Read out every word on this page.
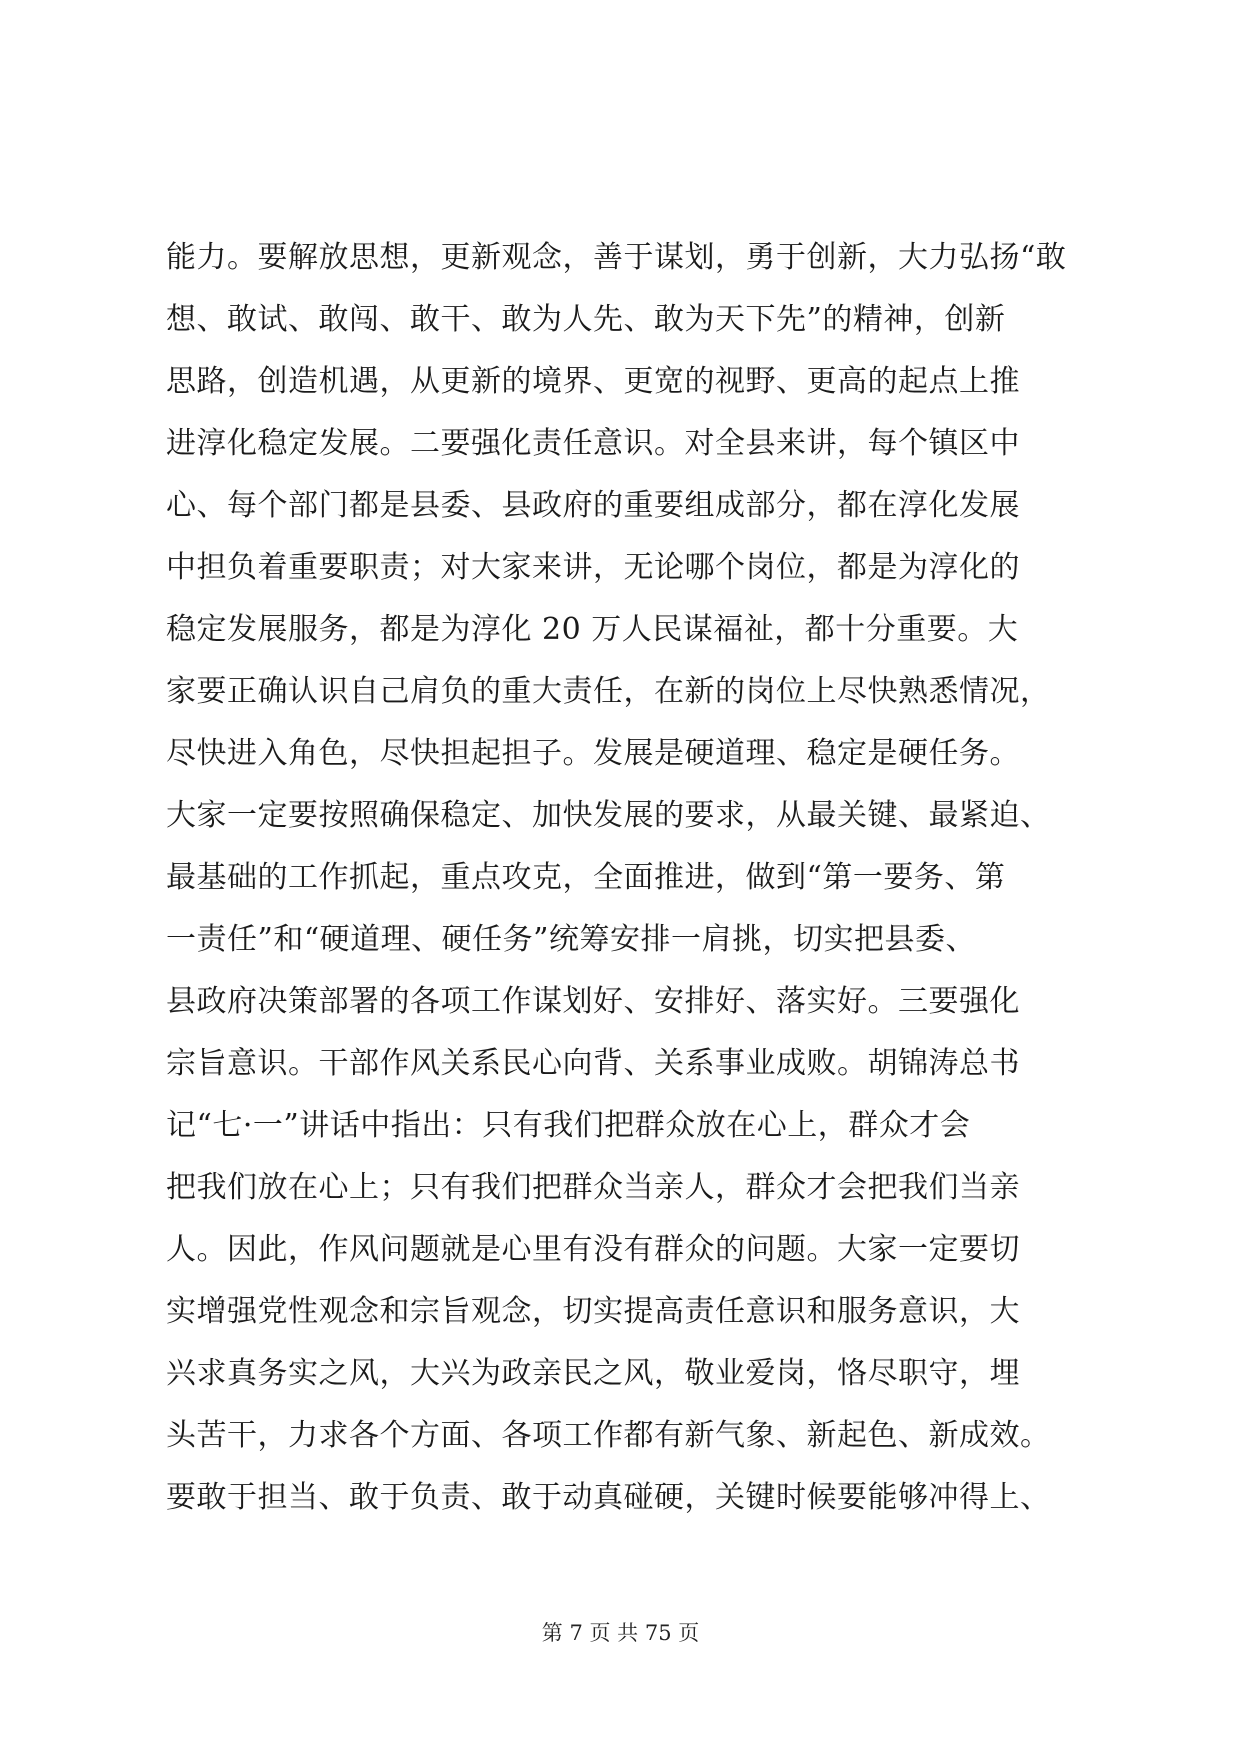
能力。要解放思想，更新观念，善于谋划，勇于创新，大力弘扬“敢
想、敢试、敢闯、敢干、敢为人先、敢为天下先”的精神，创新
思路，创造机遇，从更新的境界、更宽的视野、更高的起点上推
进淳化稳定发展。二要强化责任意识。对全县来讲，每个镇区中
心、每个部门都是县委、县政府的重要组成部分，都在淳化发展
中担负着重要职责；对大家来讲，无论哪个岗位，都是为淳化的
稳定发展服务，都是为淳化 20 万人民谋福祉，都十分重要。大
家要正确认识自己肩负的重大责任，在新的岗位上尽快熟悉情况，
尽快进入角色，尽快担起担子。发展是硬道理、稳定是硬任务。
大家一定要按照确保稳定、加快发展的要求，从最关键、最紧迫、
最基础的工作抓起，重点攻克，全面推进，做到“第一要务、第
一责任”和“硬道理、硬任务”统筹安排一肩挑，切实把县委、
县政府决策部署的各项工作谋划好、安排好、落实好。三要强化
宗旨意识。干部作风关系民心向背、关系事业成败。胡锦涛总书
记“七·一”讲话中指出：只有我们把群众放在心上，群众才会
把我们放在心上；只有我们把群众当亲人，群众才会把我们当亲
人。因此，作风问题就是心里有没有群众的问题。大家一定要切
实增强党性观念和宗旨观念，切实提高责任意识和服务意识，大
兴求真务实之风，大兴为政亲民之风，敬业爱岗，恪尽职守，埋
头苦干，力求各个方面、各项工作都有新气象、新起色、新成效。
要敢于担当、敢于负责、敢于动真碰硬，关键时候要能够冲得上、
第 7 页 共 75 页
